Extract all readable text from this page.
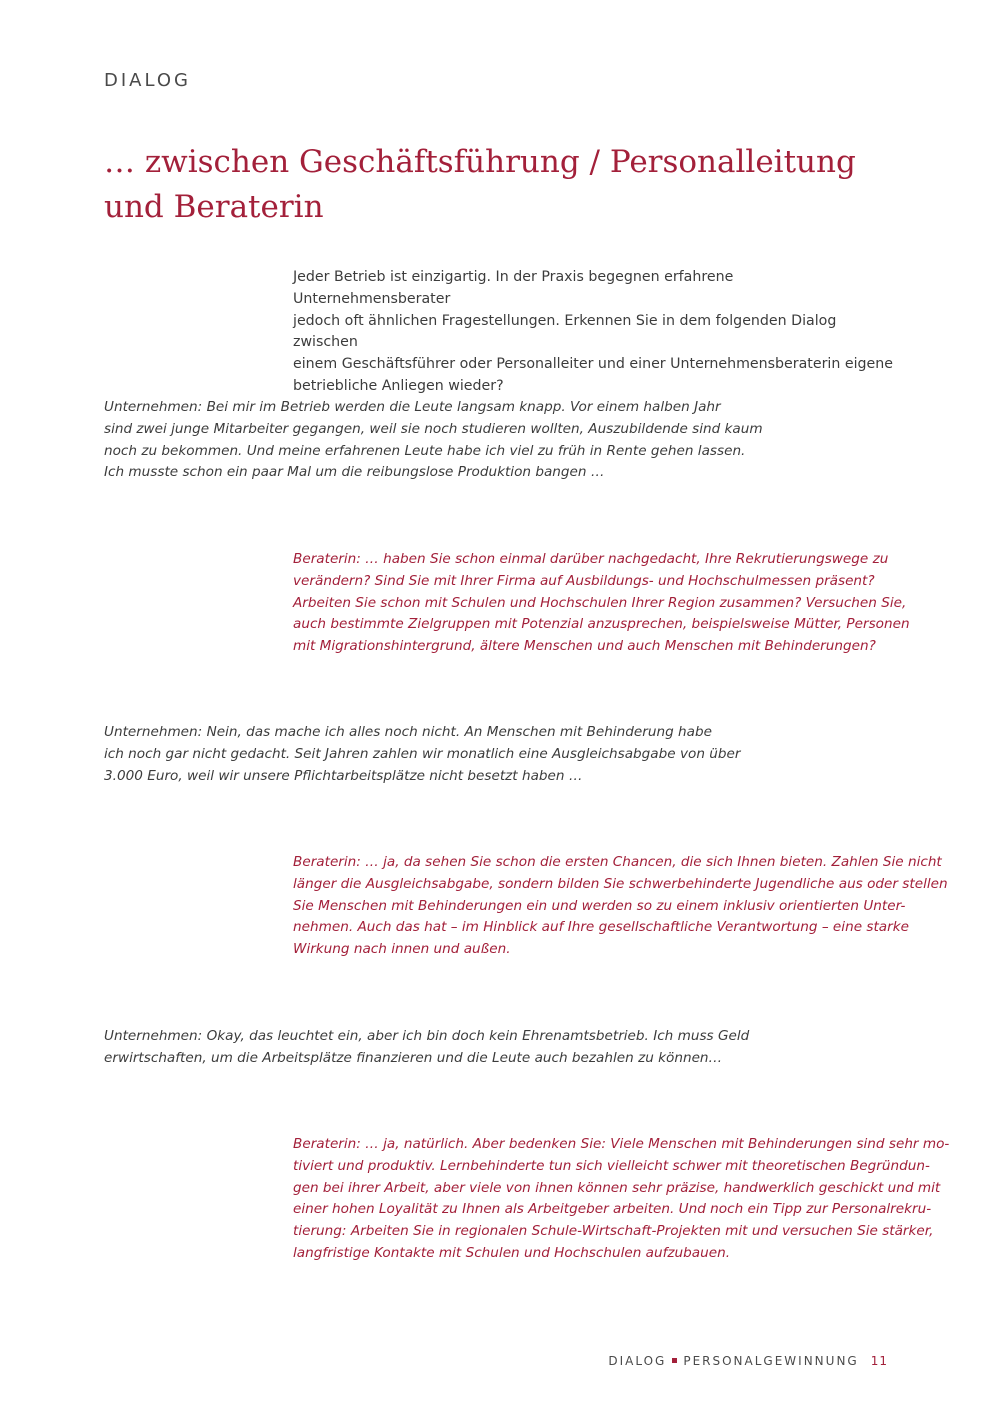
DIALOG
… zwischen Geschäftsführung / Personalleitung
und Beraterin

Jeder Betrieb ist einzigartig. In der Praxis begegnen erfahrene Unternehmensberater
jedoch oft ähnlichen Fragestellungen. Erkennen Sie in dem folgenden Dialog zwischen
einem Geschäftsführer oder Personalleiter und einer Unternehmensberaterin eigene
betriebliche Anliegen wieder?

Unternehmen: Bei mir im Betrieb werden die Leute langsam knapp. Vor einem halben Jahr
sind zwei junge Mitarbeiter gegangen, weil sie noch studieren wollten, Auszubildende sind kaum
noch zu bekommen. Und meine erfahrenen Leute habe ich viel zu früh in Rente gehen lassen.
Ich musste schon ein paar Mal um die reibungslose Produktion bangen …

Beraterin: … haben Sie schon einmal darüber nachgedacht, Ihre Rekrutierungswege zu
verändern? Sind Sie mit Ihrer Firma auf Ausbildungs- und Hochschulmessen präsent?
Arbeiten Sie schon mit Schulen und Hochschulen Ihrer Region zusammen? Versuchen Sie,
auch bestimmte Zielgruppen mit Potenzial anzusprechen, beispielsweise Mütter, Personen
mit Migrationshintergrund, ältere Menschen und auch Menschen mit Behinderungen?

Unternehmen: Nein, das mache ich alles noch nicht. An Menschen mit Behinderung habe
ich noch gar nicht gedacht. Seit Jahren zahlen wir monatlich eine Ausgleichsabgabe von über
3.000 Euro, weil wir unsere Pflichtarbeitsplätze nicht besetzt haben …

Beraterin: … ja, da sehen Sie schon die ersten Chancen, die sich Ihnen bieten. Zahlen Sie nicht
länger die Ausgleichsabgabe, sondern bilden Sie schwerbehinderte Jugendliche aus oder stellen
Sie Menschen mit Behinderungen ein und werden so zu einem inklusiv orientierten Unter-
nehmen. Auch das hat – im Hinblick auf Ihre gesellschaftliche Verantwortung – eine starke
Wirkung nach innen und außen.

Unternehmen: Okay, das leuchtet ein, aber ich bin doch kein Ehrenamtsbetrieb. Ich muss Geld
erwirtschaften, um die Arbeitsplätze finanzieren und die Leute auch bezahlen zu können…

Beraterin: … ja, natürlich. Aber bedenken Sie: Viele Menschen mit Behinderungen sind sehr mo-
tiviert und produktiv. Lernbehinderte tun sich vielleicht schwer mit theoretischen Begründun-
gen bei ihrer Arbeit, aber viele von ihnen können sehr präzise, handwerklich geschickt und mit
einer hohen Loyalität zu Ihnen als Arbeitgeber arbeiten. Und noch ein Tipp zur Personalrekru-
tierung: Arbeiten Sie in regionalen Schule-Wirtschaft-Projekten mit und versuchen Sie stärker,
langfristige Kontakte mit Schulen und Hochschulen aufzubauen.

DIALOG PERSONALGEWINNUNG 11
